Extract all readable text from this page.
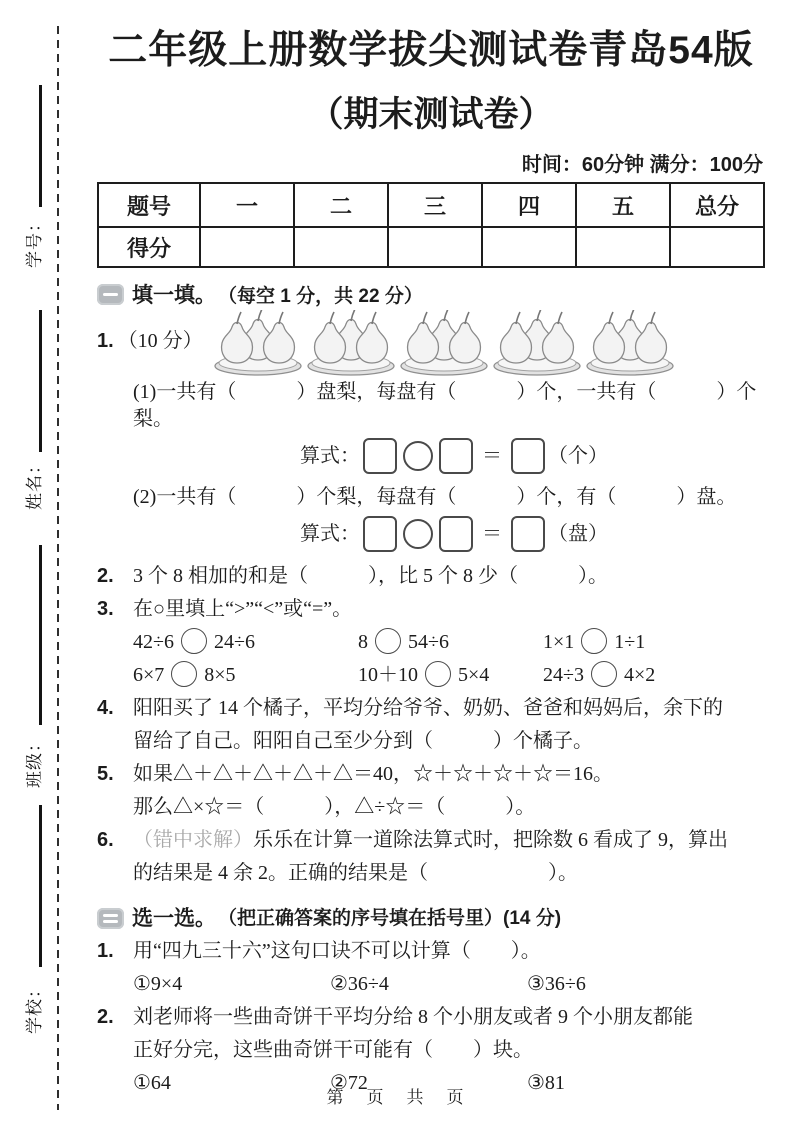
学号：
姓名：
班级：
学校：
二年级上册数学拔尖测试卷青岛54版
（期末测试卷）
时间：60分钟 满分：100分
题号	一	二	三	四	五	总分
得分						
填一填。 （每空 1 分，共 22 分）
1. （10 分）
(1)一共有（　　　）盘梨，每盘有（　　　）个，一共有（　　　）个梨。
算式：	＝ （个）
(2)一共有（　　　）个梨，每盘有（　　　）个，有（　　　）盘。
算式：	＝ （盘）
2. 3 个 8 相加的和是（　　　），比 5 个 8 少（　　　）。
3. 在○里填上“>”“<”或“=”。
42÷6 24÷6	8 54÷6	1×1 1÷1
6×7 8×5	10＋10 5×4	24÷3 4×2
4. 阳阳买了 14 个橘子，平均分给爷爷、奶奶、爸爸和妈妈后，余下的
留给了自己。阳阳自己至少分到（　　　）个橘子。
5. 如果△＋△＋△＋△＋△＝40，☆＋☆＋☆＋☆＝16。
那么△×☆＝（　　　），△÷☆＝（　　　）。
6. （错中求解）乐乐在计算一道除法算式时，把除数 6 看成了 9，算出
的结果是 4 余 2。正确的结果是（　　　　　　）。
选一选。 （把正确答案的序号填在括号里）(14 分)
1. 用“四九三十六”这句口诀不可以计算（　　）。
①9×4	②36÷4	③36÷6
2. 刘老师将一些曲奇饼干平均分给 8 个小朋友或者 9 个小朋友都能
正好分完，这些曲奇饼干可能有（　　）块。
①64	②72	③81
第　页　共　页
